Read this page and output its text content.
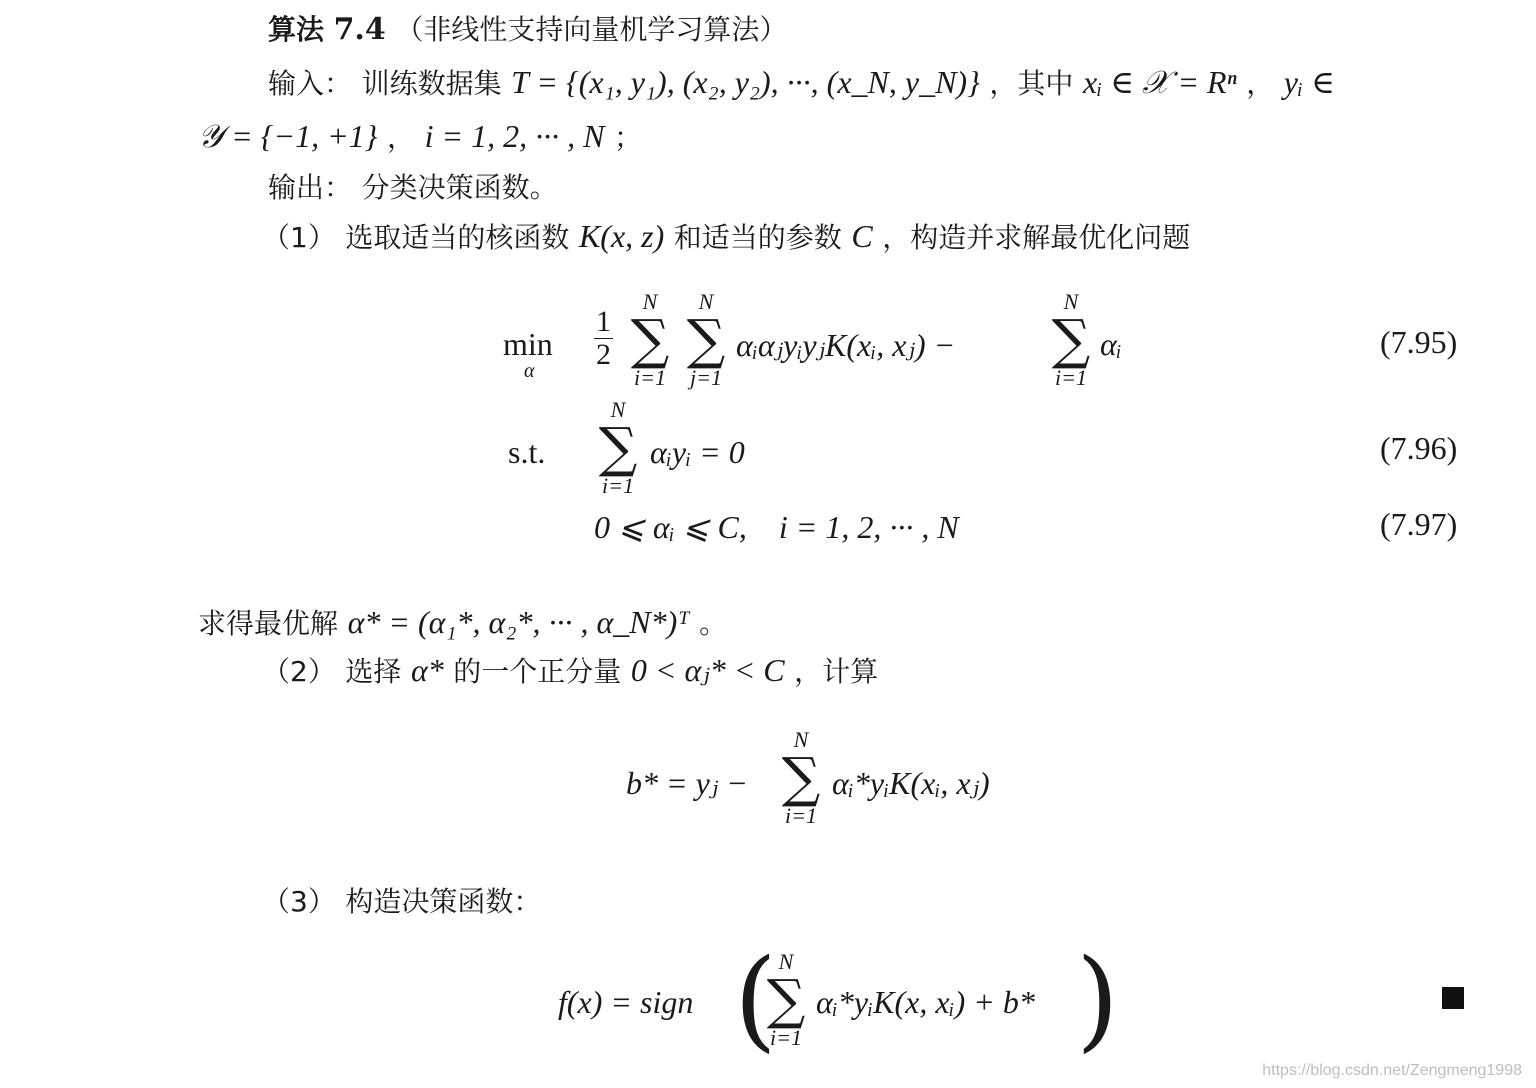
算法 7.4 （非线性支持向量机学习算法）
输入： 训练数据集 T = {(x₁, y₁), (x₂, y₂), ···, (x_N, y_N)} ，其中 xᵢ ∈ 𝒳 = Rⁿ ， yᵢ ∈
𝒴 = {−1, +1} ， i = 1, 2, ··· , N ；
输出： 分类决策函数。
（1） 选取适当的核函数 K(x, z) 和适当的参数 C ，构造并求解最优化问题
min
α $\frac{1}{2}$
N
∑
i=1
N
∑
j=1
αᵢαⱼyᵢyⱼK(xᵢ, xⱼ) −
N
∑
i=1
αᵢ	(7.95)
s.t.
N
∑
i=1
αᵢyᵢ = 0	(7.96)
0 ⩽ αᵢ ⩽ C,    i = 1, 2, ··· , N	(7.97)
求得最优解 α* = (α₁*, α₂*, ··· , α_N*)ᵀ 。
（2） 选择 α* 的一个正分量 0 < αⱼ* < C ，计算
b* = yⱼ −
N
∑
i=1
αᵢ*yᵢK(xᵢ, xⱼ)
（3） 构造决策函数：
f(x) = sign ( N
∑
i=1
αᵢ*yᵢK(x, xᵢ) + b* )
https://blog.csdn.net/Zengmeng1998
